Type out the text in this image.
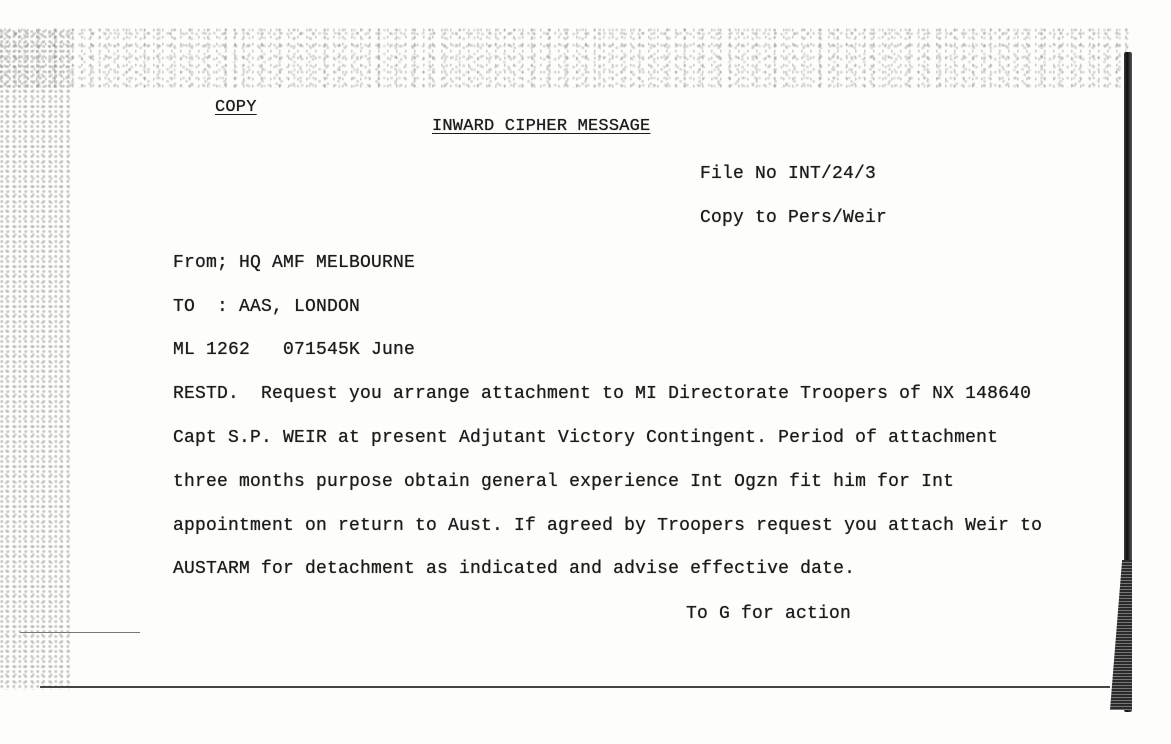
COPY
INWARD CIPHER MESSAGE
File No INT/24/3
Copy to Pers/Weir
From; HQ AMF MELBOURNE
TO  : AAS, LONDON
ML 1262   071545K June
RESTD.  Request you arrange attachment to MI Directorate Troopers of NX 148640
Capt S.P. WEIR at present Adjutant Victory Contingent. Period of attachment
three months purpose obtain general experience Int Ogzn fit him for Int
appointment on return to Aust. If agreed by Troopers request you attach Weir to
AUSTARM for detachment as indicated and advise effective date.
To G for action
